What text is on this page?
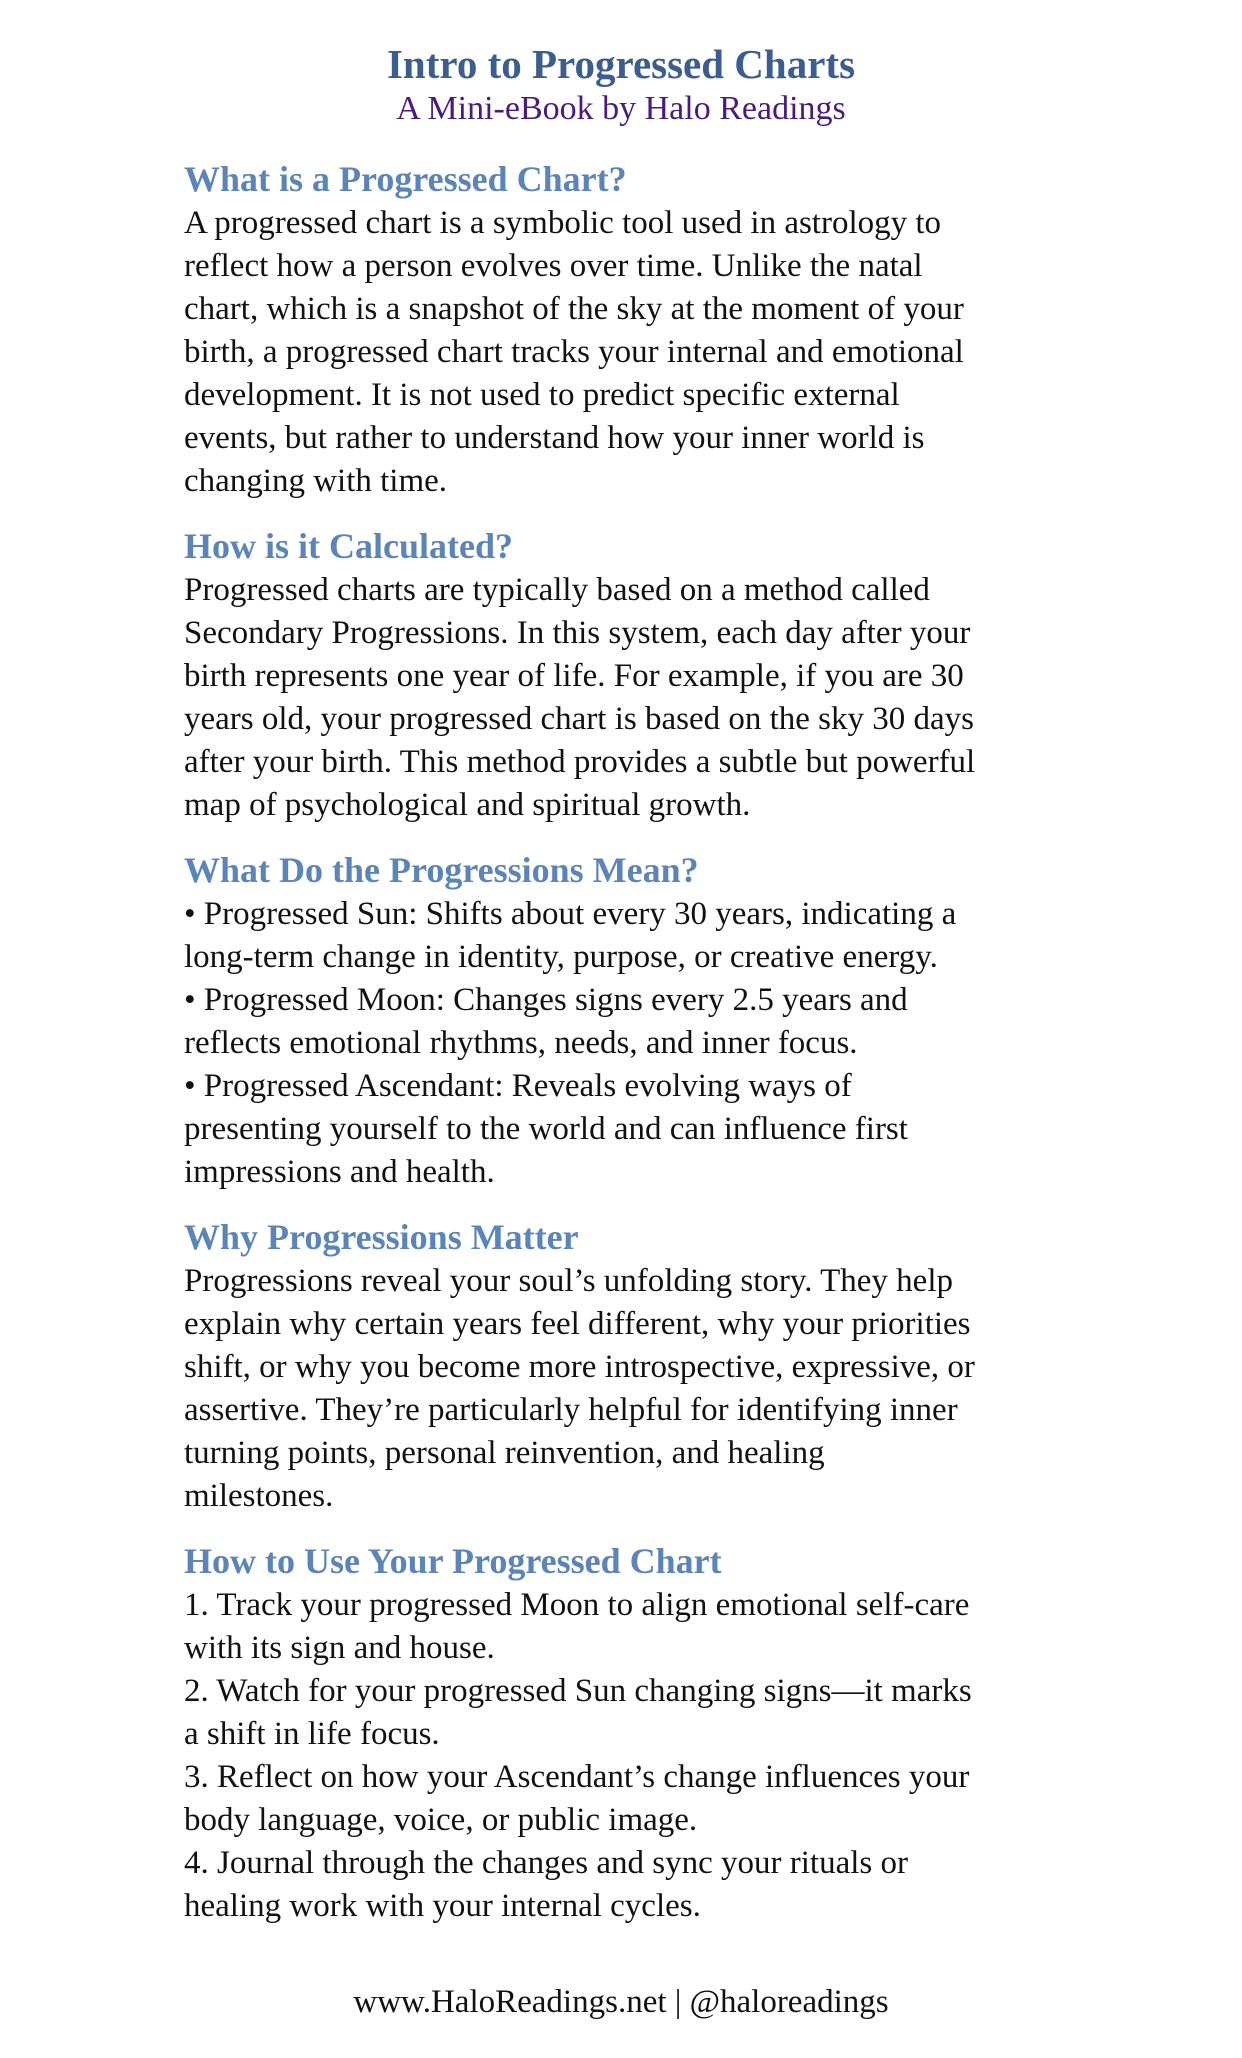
Intro to Progressed Charts

A Mini-eBook by Halo Readings

What is a Progressed Chart?

A progressed chart is a symbolic tool used in astrology to
reflect how a person evolves over time. Unlike the natal
chart, which is a snapshot of the sky at the moment of your
birth, a progressed chart tracks your internal and emotional
development. It is not used to predict specific external
events, but rather to understand how your inner world is
changing with time.

How is it Calculated?

Progressed charts are typically based on a method called
Secondary Progressions. In this system, each day after your
birth represents one year of life. For example, if you are 30
years old, your progressed chart is based on the sky 30 days
after your birth. This method provides a subtle but powerful
map of psychological and spiritual growth.

What Do the Progressions Mean?

• Progressed Sun: Shifts about every 30 years, indicating a
long-term change in identity, purpose, or creative energy.
• Progressed Moon: Changes signs every 2.5 years and
reflects emotional rhythms, needs, and inner focus.
• Progressed Ascendant: Reveals evolving ways of
presenting yourself to the world and can influence first
impressions and health.

Why Progressions Matter

Progressions reveal your soul’s unfolding story. They help
explain why certain years feel different, why your priorities
shift, or why you become more introspective, expressive, or
assertive. They’re particularly helpful for identifying inner
turning points, personal reinvention, and healing
milestones.

How to Use Your Progressed Chart

1. Track your progressed Moon to align emotional self-care
with its sign and house.
2. Watch for your progressed Sun changing signs—it marks
a shift in life focus.
3. Reflect on how your Ascendant’s change influences your
body language, voice, or public image.
4. Journal through the changes and sync your rituals or
healing work with your internal cycles.

www.HaloReadings.net | @haloreadings
